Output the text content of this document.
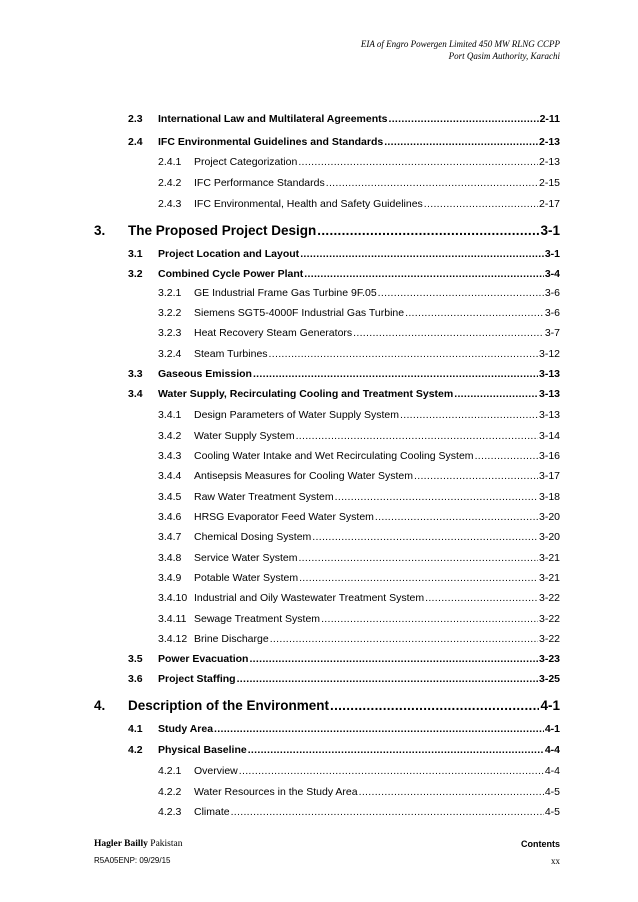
EIA of Engro Powergen Limited 450 MW RLNG CCPP
Port Qasim Authority, Karachi
2.3	International Law and Multilateral Agreements .....	2-11
2.4	IFC Environmental Guidelines and Standards .....	2-13
2.4.1	Project Categorization .....	2-13
2.4.2	IFC Performance Standards .....	2-15
2.4.3	IFC Environmental, Health and Safety Guidelines .....	2-17
3.	The Proposed Project Design .....	3-1
3.1	Project Location and Layout .....	3-1
3.2	Combined Cycle Power Plant .....	3-4
3.2.1	GE Industrial Frame Gas Turbine 9F.05 .....	3-6
3.2.2	Siemens SGT5-4000F Industrial Gas Turbine .....	3-6
3.2.3	Heat Recovery Steam Generators .....	3-7
3.2.4	Steam Turbines .....	3-12
3.3	Gaseous Emission .....	3-13
3.4	Water Supply, Recirculating Cooling and Treatment System .....	3-13
3.4.1	Design Parameters of Water Supply System .....	3-13
3.4.2	Water Supply System .....	3-14
3.4.3	Cooling Water Intake and Wet Recirculating Cooling System .....	3-16
3.4.4	Antisepsis Measures for Cooling Water System .....	3-17
3.4.5	Raw Water Treatment System .....	3-18
3.4.6	HRSG Evaporator Feed Water System .....	3-20
3.4.7	Chemical Dosing System .....	3-20
3.4.8	Service Water System .....	3-21
3.4.9	Potable Water System .....	3-21
3.4.10 Industrial and Oily Wastewater Treatment System .....	3-22
3.4.11 Sewage Treatment System .....	3-22
3.4.12 Brine Discharge .....	3-22
3.5	Power Evacuation .....	3-23
3.6	Project Staffing .....	3-25
4.	Description of the Environment .....	4-1
4.1	Study Area .....	4-1
4.2	Physical Baseline .....	4-4
4.2.1	Overview .....	4-4
4.2.2	Water Resources in the Study Area .....	4-5
4.2.3	Climate .....	4-5
Hagler Bailly Pakistan
R5A05ENP: 09/29/15
Contents
xx
